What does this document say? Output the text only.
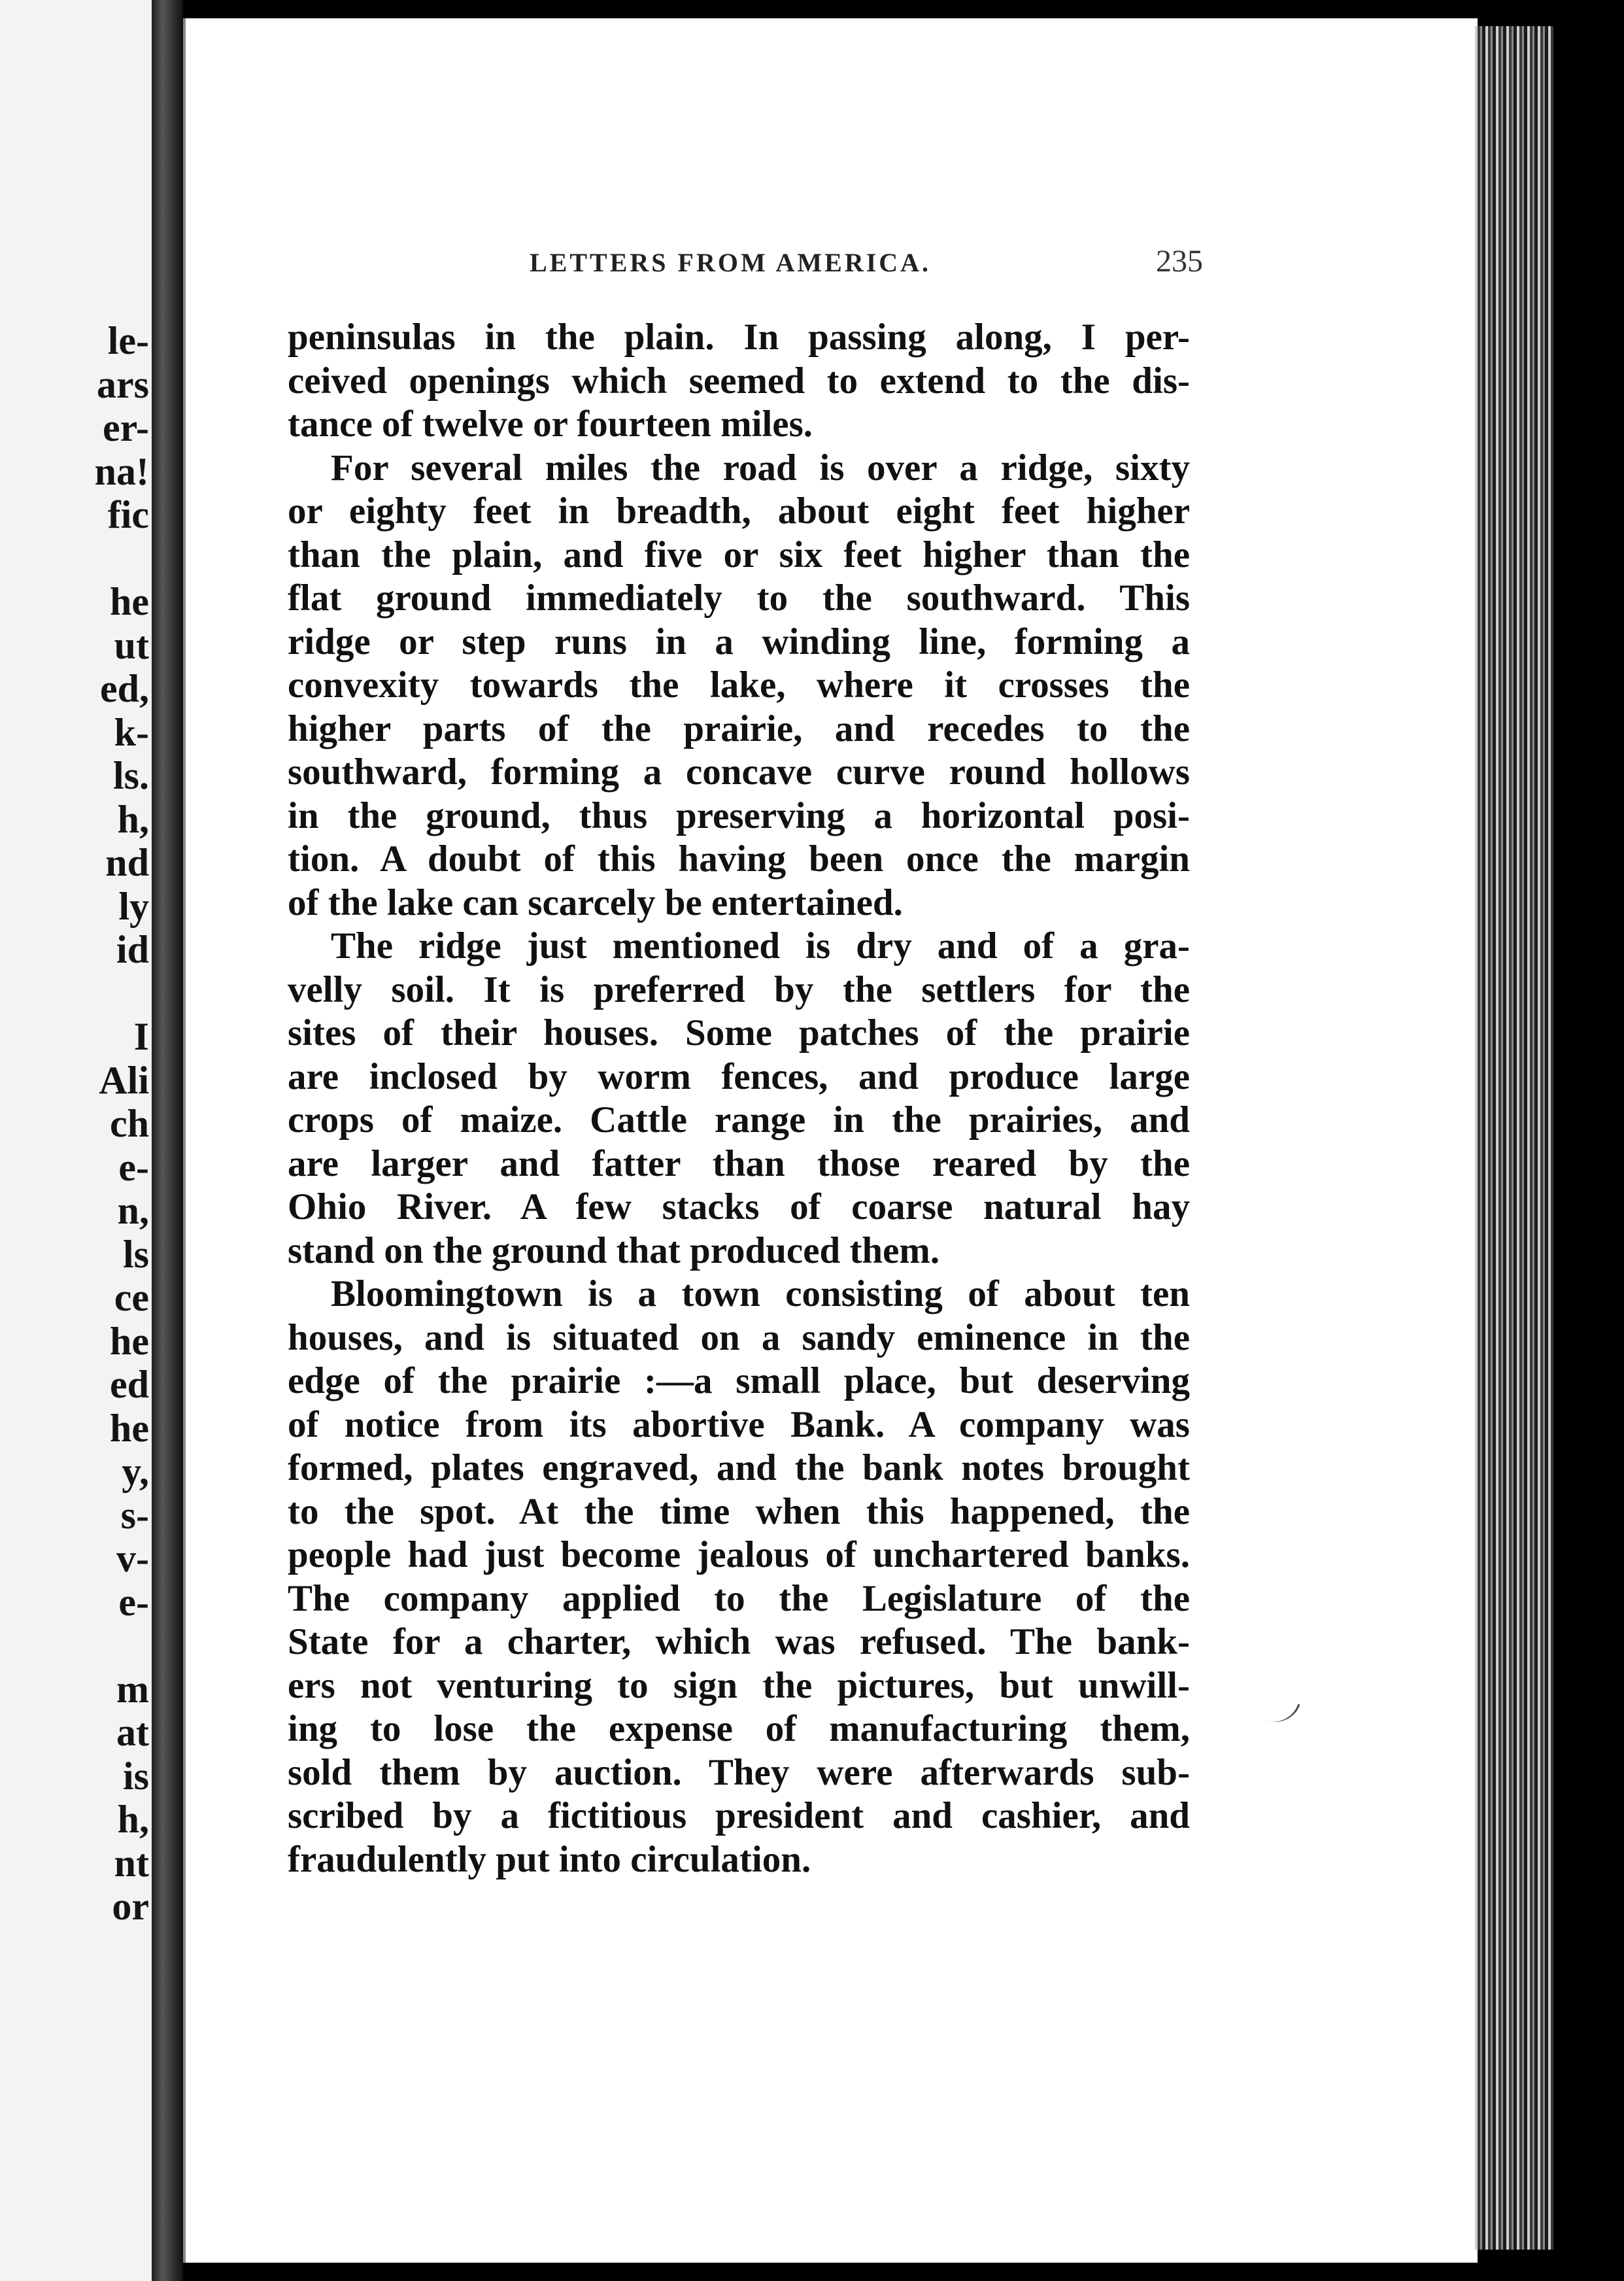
le-
ars
er-
na!
fic
he
ut
ed,
k-
ls.
h,
nd
ly
id
I
Ali
ch
e-
n,
ls
ce
he
ed
he
y,
s-
v-
e-
m
at
is
h,
nt
or
LETTERS FROM AMERICA.	235
peninsulas in the plain. In passing along, I per-
ceived openings which seemed to extend to the dis-
tance of twelve or fourteen miles.
For several miles the road is over a ridge, sixty
or eighty feet in breadth, about eight feet higher
than the plain, and five or six feet higher than the
flat ground immediately to the southward. This
ridge or step runs in a winding line, forming a
convexity towards the lake, where it crosses the
higher parts of the prairie, and recedes to the
southward, forming a concave curve round hollows
in the ground, thus preserving a horizontal posi-
tion. A doubt of this having been once the margin
of the lake can scarcely be entertained.
The ridge just mentioned is dry and of a gra-
velly soil. It is preferred by the settlers for the
sites of their houses. Some patches of the prairie
are inclosed by worm fences, and produce large
crops of maize. Cattle range in the prairies, and
are larger and fatter than those reared by the
Ohio River. A few stacks of coarse natural hay
stand on the ground that produced them.
Bloomingtown is a town consisting of about ten
houses, and is situated on a sandy eminence in the
edge of the prairie :—a small place, but deserving
of notice from its abortive Bank. A company was
formed, plates engraved, and the bank notes brought
to the spot. At the time when this happened, the
people had just become jealous of unchartered banks.
The company applied to the Legislature of the
State for a charter, which was refused. The bank-
ers not venturing to sign the pictures, but unwill-
ing to lose the expense of manufacturing them,
sold them by auction. They were afterwards sub-
scribed by a fictitious president and cashier, and
fraudulently put into circulation.
